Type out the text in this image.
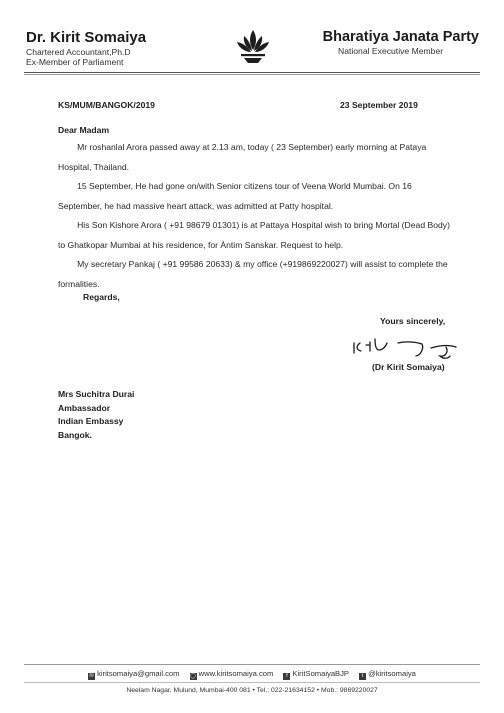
Dr. Kirit Somaiya
Chartered Accountant,Ph.D
Ex-Member of Parliament
Bharatiya Janata Party
National Executive Member
KS/MUM/BANGOK/2019	23 September 2019
Dear Madam

Mr roshanlal Arora passed away at 2.13 am, today ( 23 September) early morning at Pataya Hospital, Thailand.

15 September, He had gone on/with Senior citizens tour of Veena World Mumbai. On 16 September, he had massive heart attack, was admitted at Patty hospital.

His Son Kishore Arora ( +91 98679 01301) is at Pattaya Hospital wish to bring Mortal (Dead Body) to Ghatkopar Mumbai at his residence, for Àntim Sanskar. Request to help.

My secretary Pankaj ( +91 99586 20633) & my office (+919869220027) will assist to complete the formalities.

Regards,
Yours sincerely,
(Dr Kirit Somaiya)
Mrs Suchitra Durai
Ambassador
Indian Embassy
Bangok.
✉ kiritsomaiya@gmail.com ◯ www.kiritsomaiya.com	f KiritSomaiyaBJP	t @kiritsomaiya
Neelam Nagar, Mulund, Mumbai-400 081 • Tel.: 022-21634152 • Mob.: 9869220027
